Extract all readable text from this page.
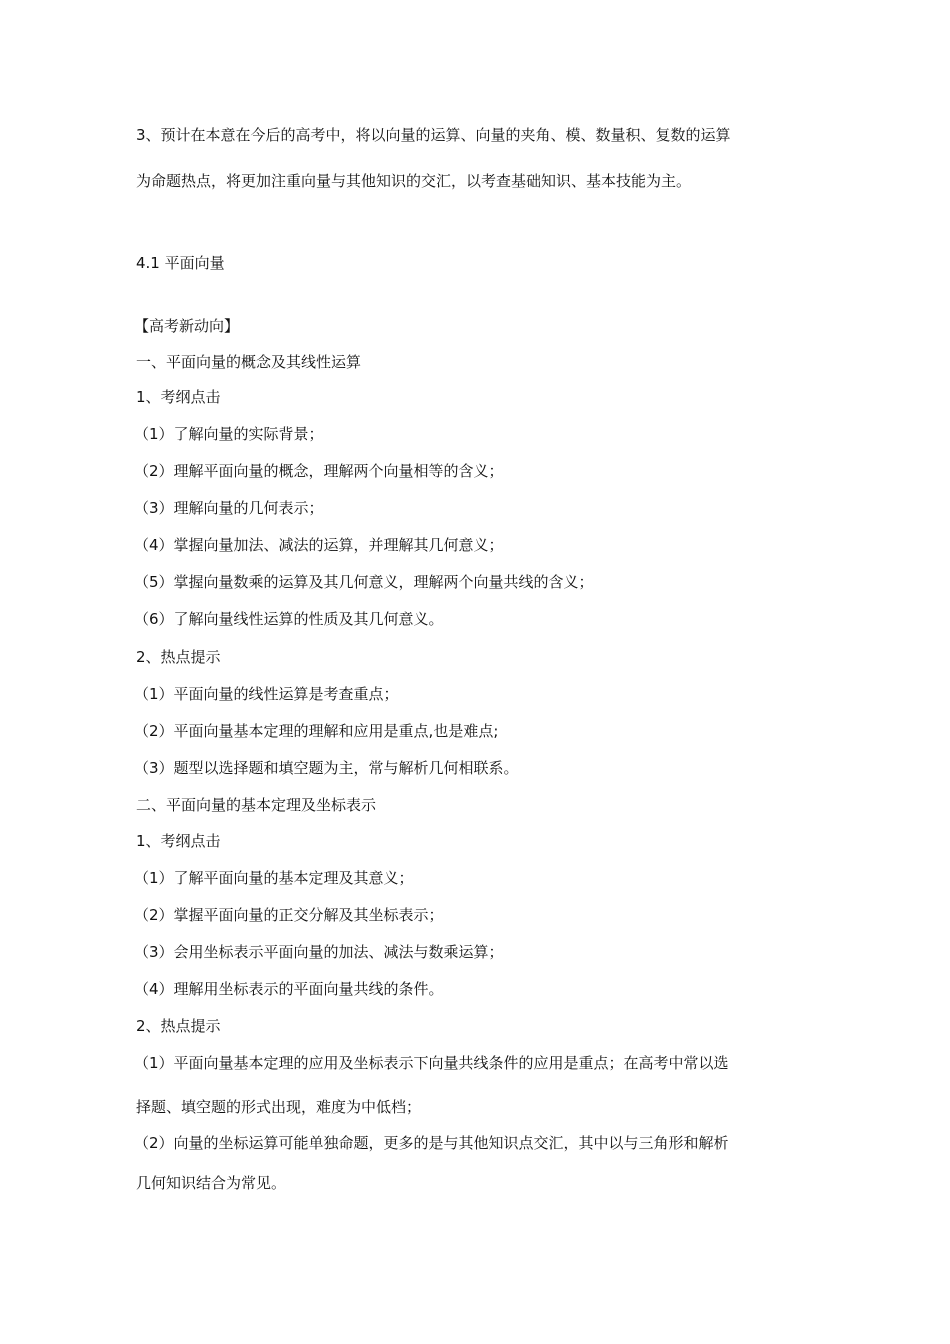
3、预计在本意在今后的高考中，将以向量的运算、向量的夹角、模、数量积、复数的运算
为命题热点，将更加注重向量与其他知识的交汇，以考查基础知识、基本技能为主。
4.1 平面向量
【高考新动向】
一、平面向量的概念及其线性运算
1、考纲点击
（1）了解向量的实际背景；
（2）理解平面向量的概念，理解两个向量相等的含义；
（3）理解向量的几何表示；
（4）掌握向量加法、减法的运算，并理解其几何意义；
（5）掌握向量数乘的运算及其几何意义，理解两个向量共线的含义；
（6）了解向量线性运算的性质及其几何意义。
2、热点提示
（1）平面向量的线性运算是考查重点；
（2）平面向量基本定理的理解和应用是重点,也是难点;
（3）题型以选择题和填空题为主，常与解析几何相联系。
二、平面向量的基本定理及坐标表示
1、考纲点击
（1）了解平面向量的基本定理及其意义；
（2）掌握平面向量的正交分解及其坐标表示；
（3）会用坐标表示平面向量的加法、减法与数乘运算；
（4）理解用坐标表示的平面向量共线的条件。
2、热点提示
（1）平面向量基本定理的应用及坐标表示下向量共线条件的应用是重点；在高考中常以选
择题、填空题的形式出现，难度为中低档；
（2）向量的坐标运算可能单独命题，更多的是与其他知识点交汇，其中以与三角形和解析
几何知识结合为常见。
